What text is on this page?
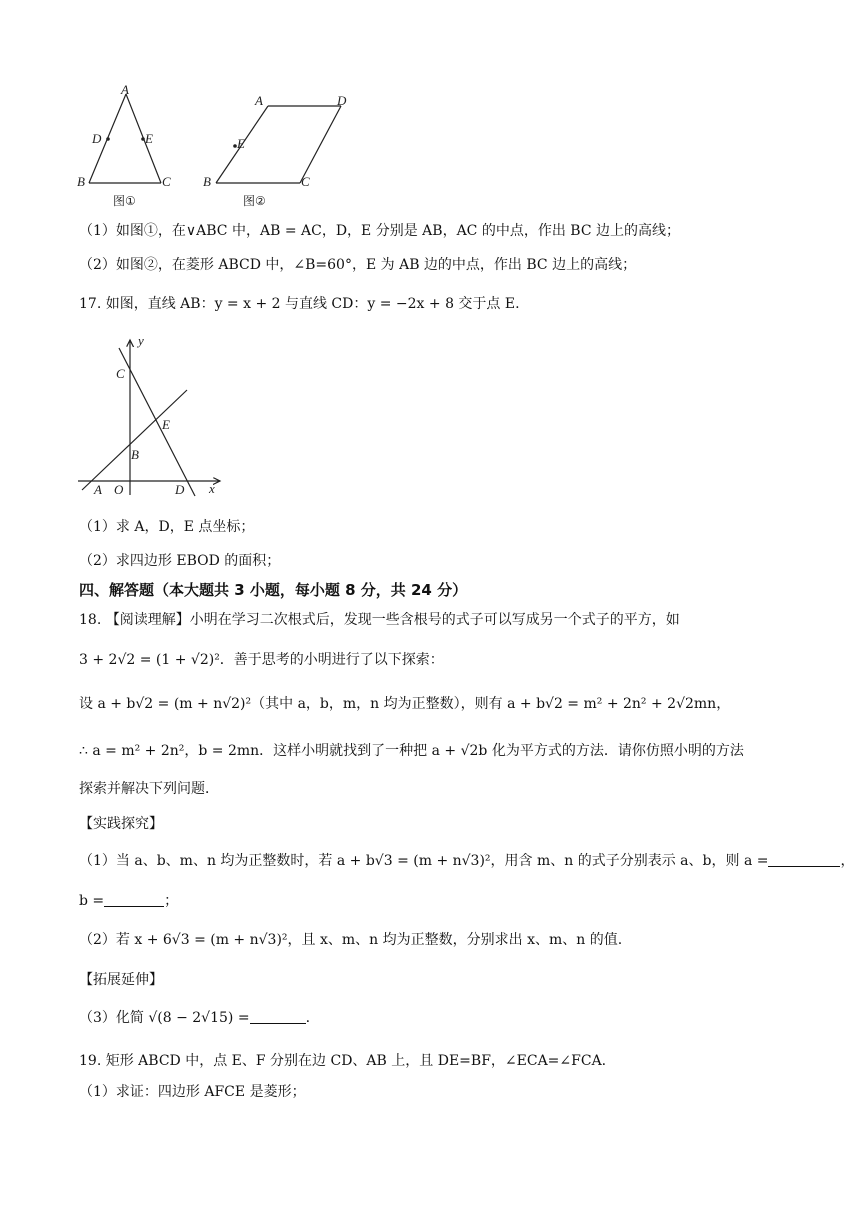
A
D	E
B	C
图①
A	D
E
B	C
图②
（1）如图①，在∨ABC 中，AB = AC，D，E 分别是 AB，AC 的中点，作出 BC 边上的高线；
（2）如图②，在菱形 ABCD 中，∠B=60°，E 为 AB 边的中点，作出 BC 边上的高线；
17. 如图，直线 AB：y = x + 2 与直线 CD：y = −2x + 8 交于点 E.
y
C
E
B
A O	D x
（1）求 A，D，E 点坐标；
（2）求四边形 EBOD 的面积；
四、解答题（本大题共 3 小题，每小题 8 分，共 24 分）
18. 【阅读理解】小明在学习二次根式后，发现一些含根号的式子可以写成另一个式子的平方，如
3 + 2√2 = (1 + √2)²．善于思考的小明进行了以下探索：
设 a + b√2 = (m + n√2)²（其中 a，b，m，n 均为正整数），则有 a + b√2 = m² + 2n² + 2√2mn，
∴ a = m² + 2n²，b = 2mn．这样小明就找到了一种把 a + √2b 化为平方式的方法．请你仿照小明的方法
探索并解决下列问题．
【实践探究】
（1）当 a、b、m、n 均为正整数时，若 a + b√3 = (m + n√3)²，用含 m、n 的式子分别表示 a、b，则 a =	，
b =	；
（2）若 x + 6√3 = (m + n√3)²，且 x、m、n 均为正整数，分别求出 x、m、n 的值.
【拓展延伸】
（3）化简 √(8 − 2√15) =	.
19. 矩形 ABCD 中，点 E、F 分别在边 CD、AB 上，且 DE=BF，∠ECA=∠FCA.
（1）求证：四边形 AFCE 是菱形；
